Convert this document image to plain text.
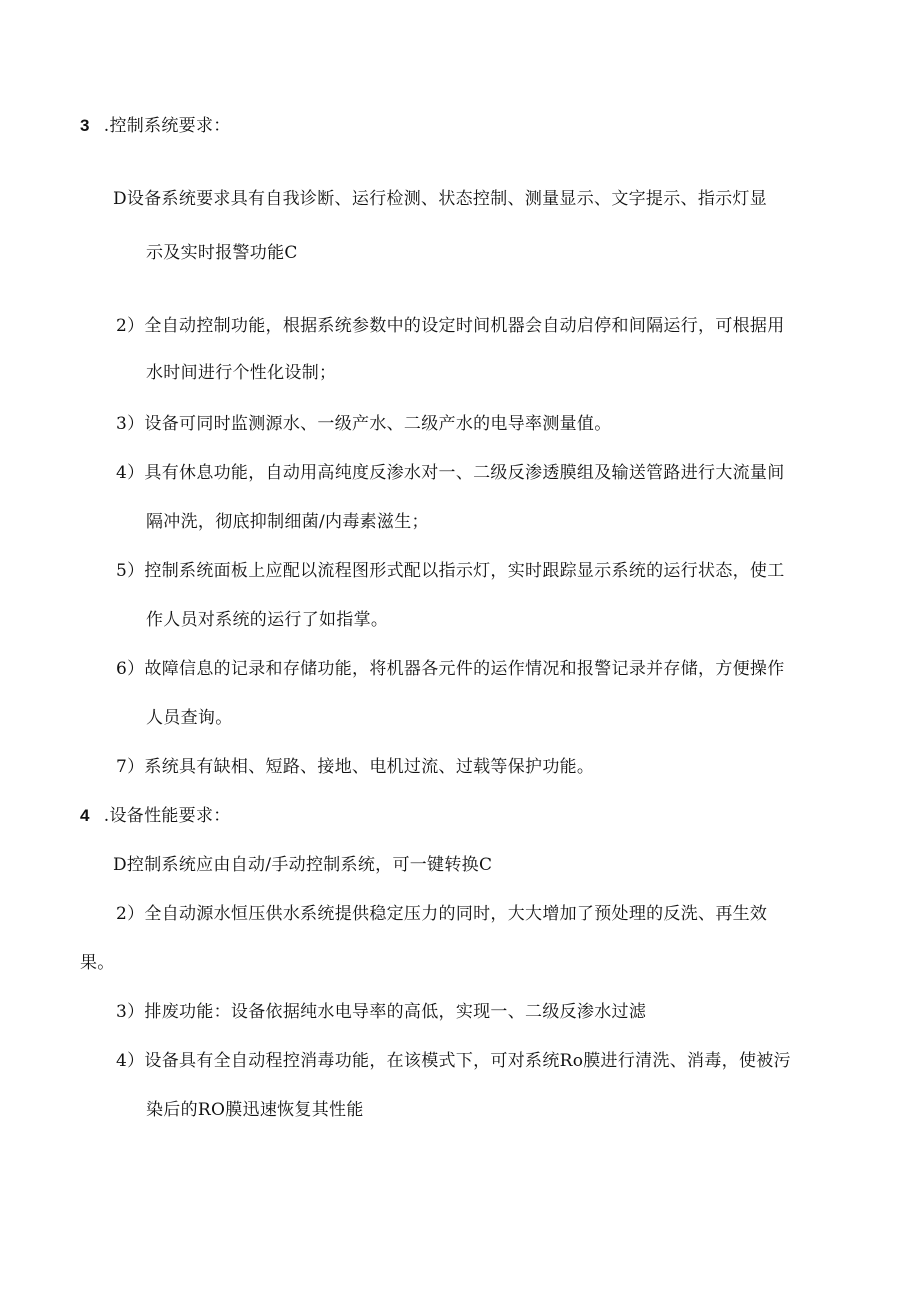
3 .控制系统要求：
D设备系统要求具有自我诊断、运行检测、状态控制、测量显示、文字提示、指示灯显
示及实时报警功能C
2）全自动控制功能，根据系统参数中的设定时间机器会自动启停和间隔运行，可根据用
水时间进行个性化设制；
3）设备可同时监测源水、一级产水、二级产水的电导率测量值。
4）具有休息功能，自动用高纯度反渗水对一、二级反渗透膜组及输送管路进行大流量间
隔冲洗，彻底抑制细菌/内毒素滋生；
5）控制系统面板上应配以流程图形式配以指示灯，实时跟踪显示系统的运行状态，使工
作人员对系统的运行了如指掌。
6）故障信息的记录和存储功能，将机器各元件的运作情况和报警记录并存储，方便操作
人员查询。
7）系统具有缺相、短路、接地、电机过流、过载等保护功能。
4 .设备性能要求：
D控制系统应由自动/手动控制系统，可一键转换C
2）全自动源水恒压供水系统提供稳定压力的同时，大大增加了预处理的反洗、再生效
果。
3）排废功能：设备依据纯水电导率的高低，实现一、二级反渗水过滤
4）设备具有全自动程控消毒功能，在该模式下，可对系统Ro膜进行清洗、消毒，使被污
染后的RO膜迅速恢复其性能
